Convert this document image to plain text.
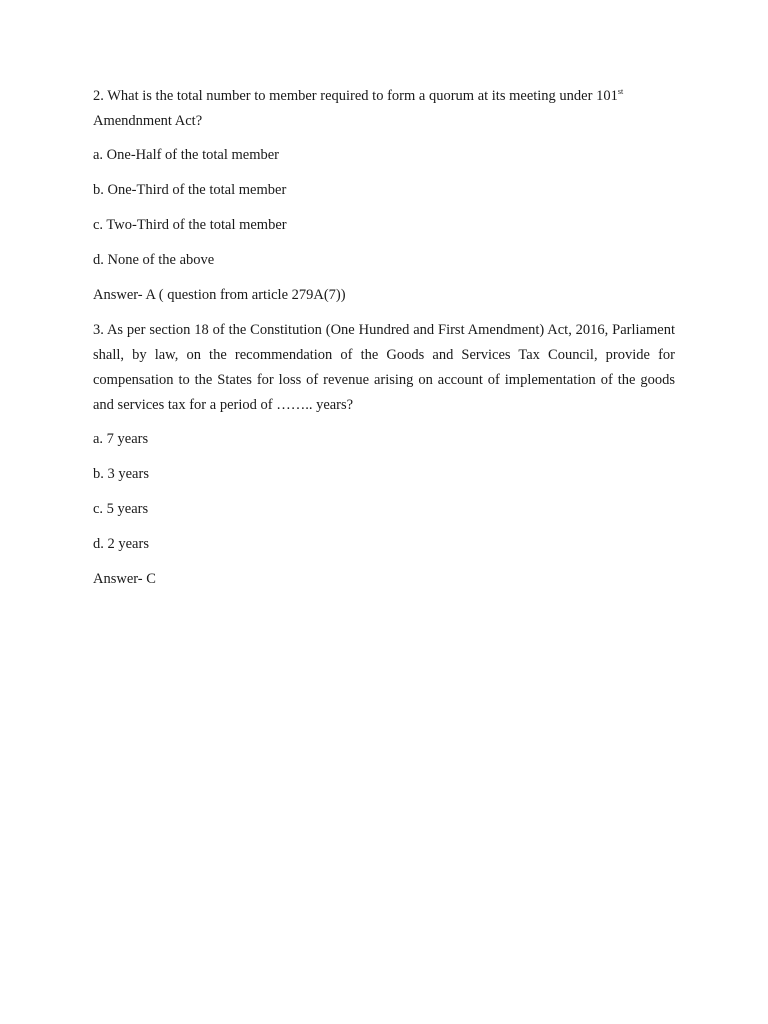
2. What is the total number to member required to form a quorum at its meeting under 101st Amendnment Act?

a. One-Half of the total member

b. One-Third of the total member

c. Two-Third of the total member

d. None of the above

Answer- A ( question from article 279A(7))

3. As per section 18 of the Constitution (One Hundred and First Amendment) Act, 2016, Parliament shall, by law, on the recommendation of the Goods and Services Tax Council, provide for compensation to the States for loss of revenue arising on account of implementation of the goods and services tax for a period of …….. years?

a. 7 years

b. 3 years

c. 5 years

d. 2 years

Answer- C
